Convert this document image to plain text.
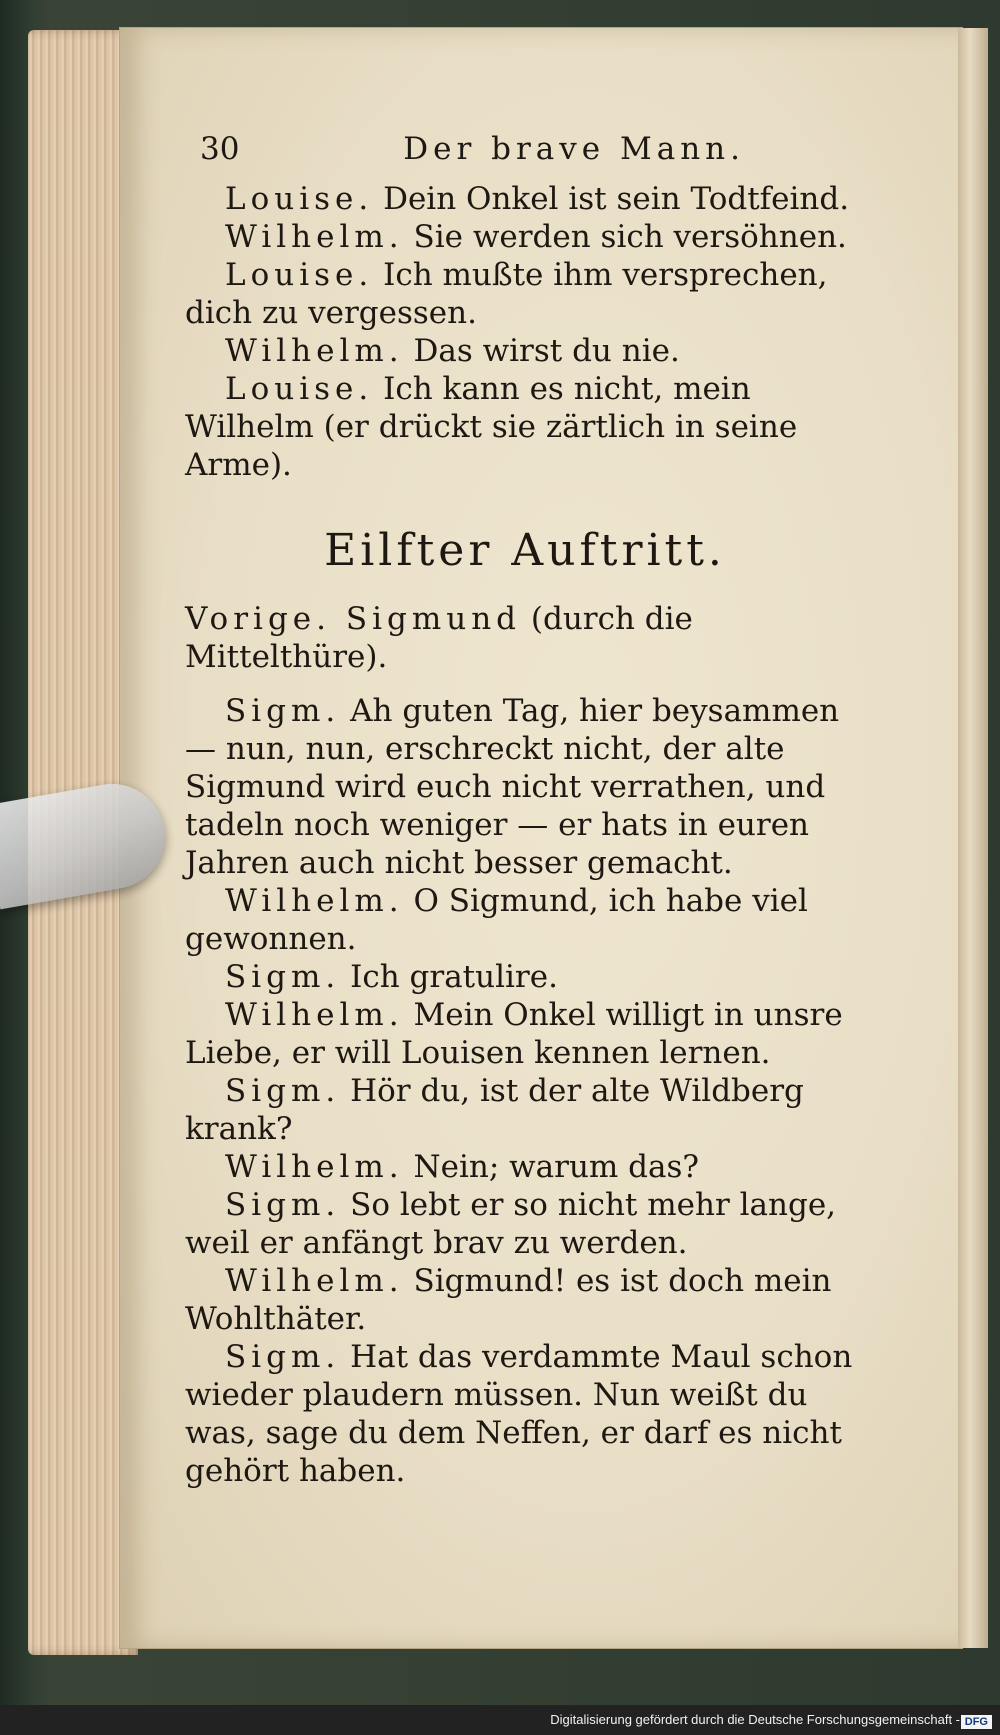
30	Der brave Mann.

Louise. Dein Onkel ist sein Todtfeind.

Wilhelm. Sie werden sich versöhnen.

Louise. Ich mußte ihm versprechen, dich zu vergessen.

Wilhelm. Das wirst du nie.

Louise. Ich kann es nicht, mein Wilhelm (er drückt sie zärtlich in seine Arme).

Eilfter Auftritt.

Vorige. Sigmund (durch die Mittelthüre).

Sigm. Ah guten Tag, hier beysammen — nun, nun, erschreckt nicht, der alte Sigmund wird euch nicht verrathen, und tadeln noch weniger — er hats in euren Jahren auch nicht besser gemacht.

Wilhelm. O Sigmund, ich habe viel gewonnen.

Sigm. Ich gratulire.

Wilhelm. Mein Onkel willigt in unsre Liebe, er will Louisen kennen lernen.

Sigm. Hör du, ist der alte Wildberg krank?

Wilhelm. Nein; warum das?

Sigm. So lebt er so nicht mehr lange, weil er anfängt brav zu werden.

Wilhelm. Sigmund! es ist doch mein Wohlthäter.

Sigm. Hat das verdammte Maul schon wieder plaudern müssen. Nun weißt du was, sage du dem Neffen, er darf es nicht gehört haben.

Digitalisierung gefördert durch die Deutsche Forschungsgemeinschaft - DFG
